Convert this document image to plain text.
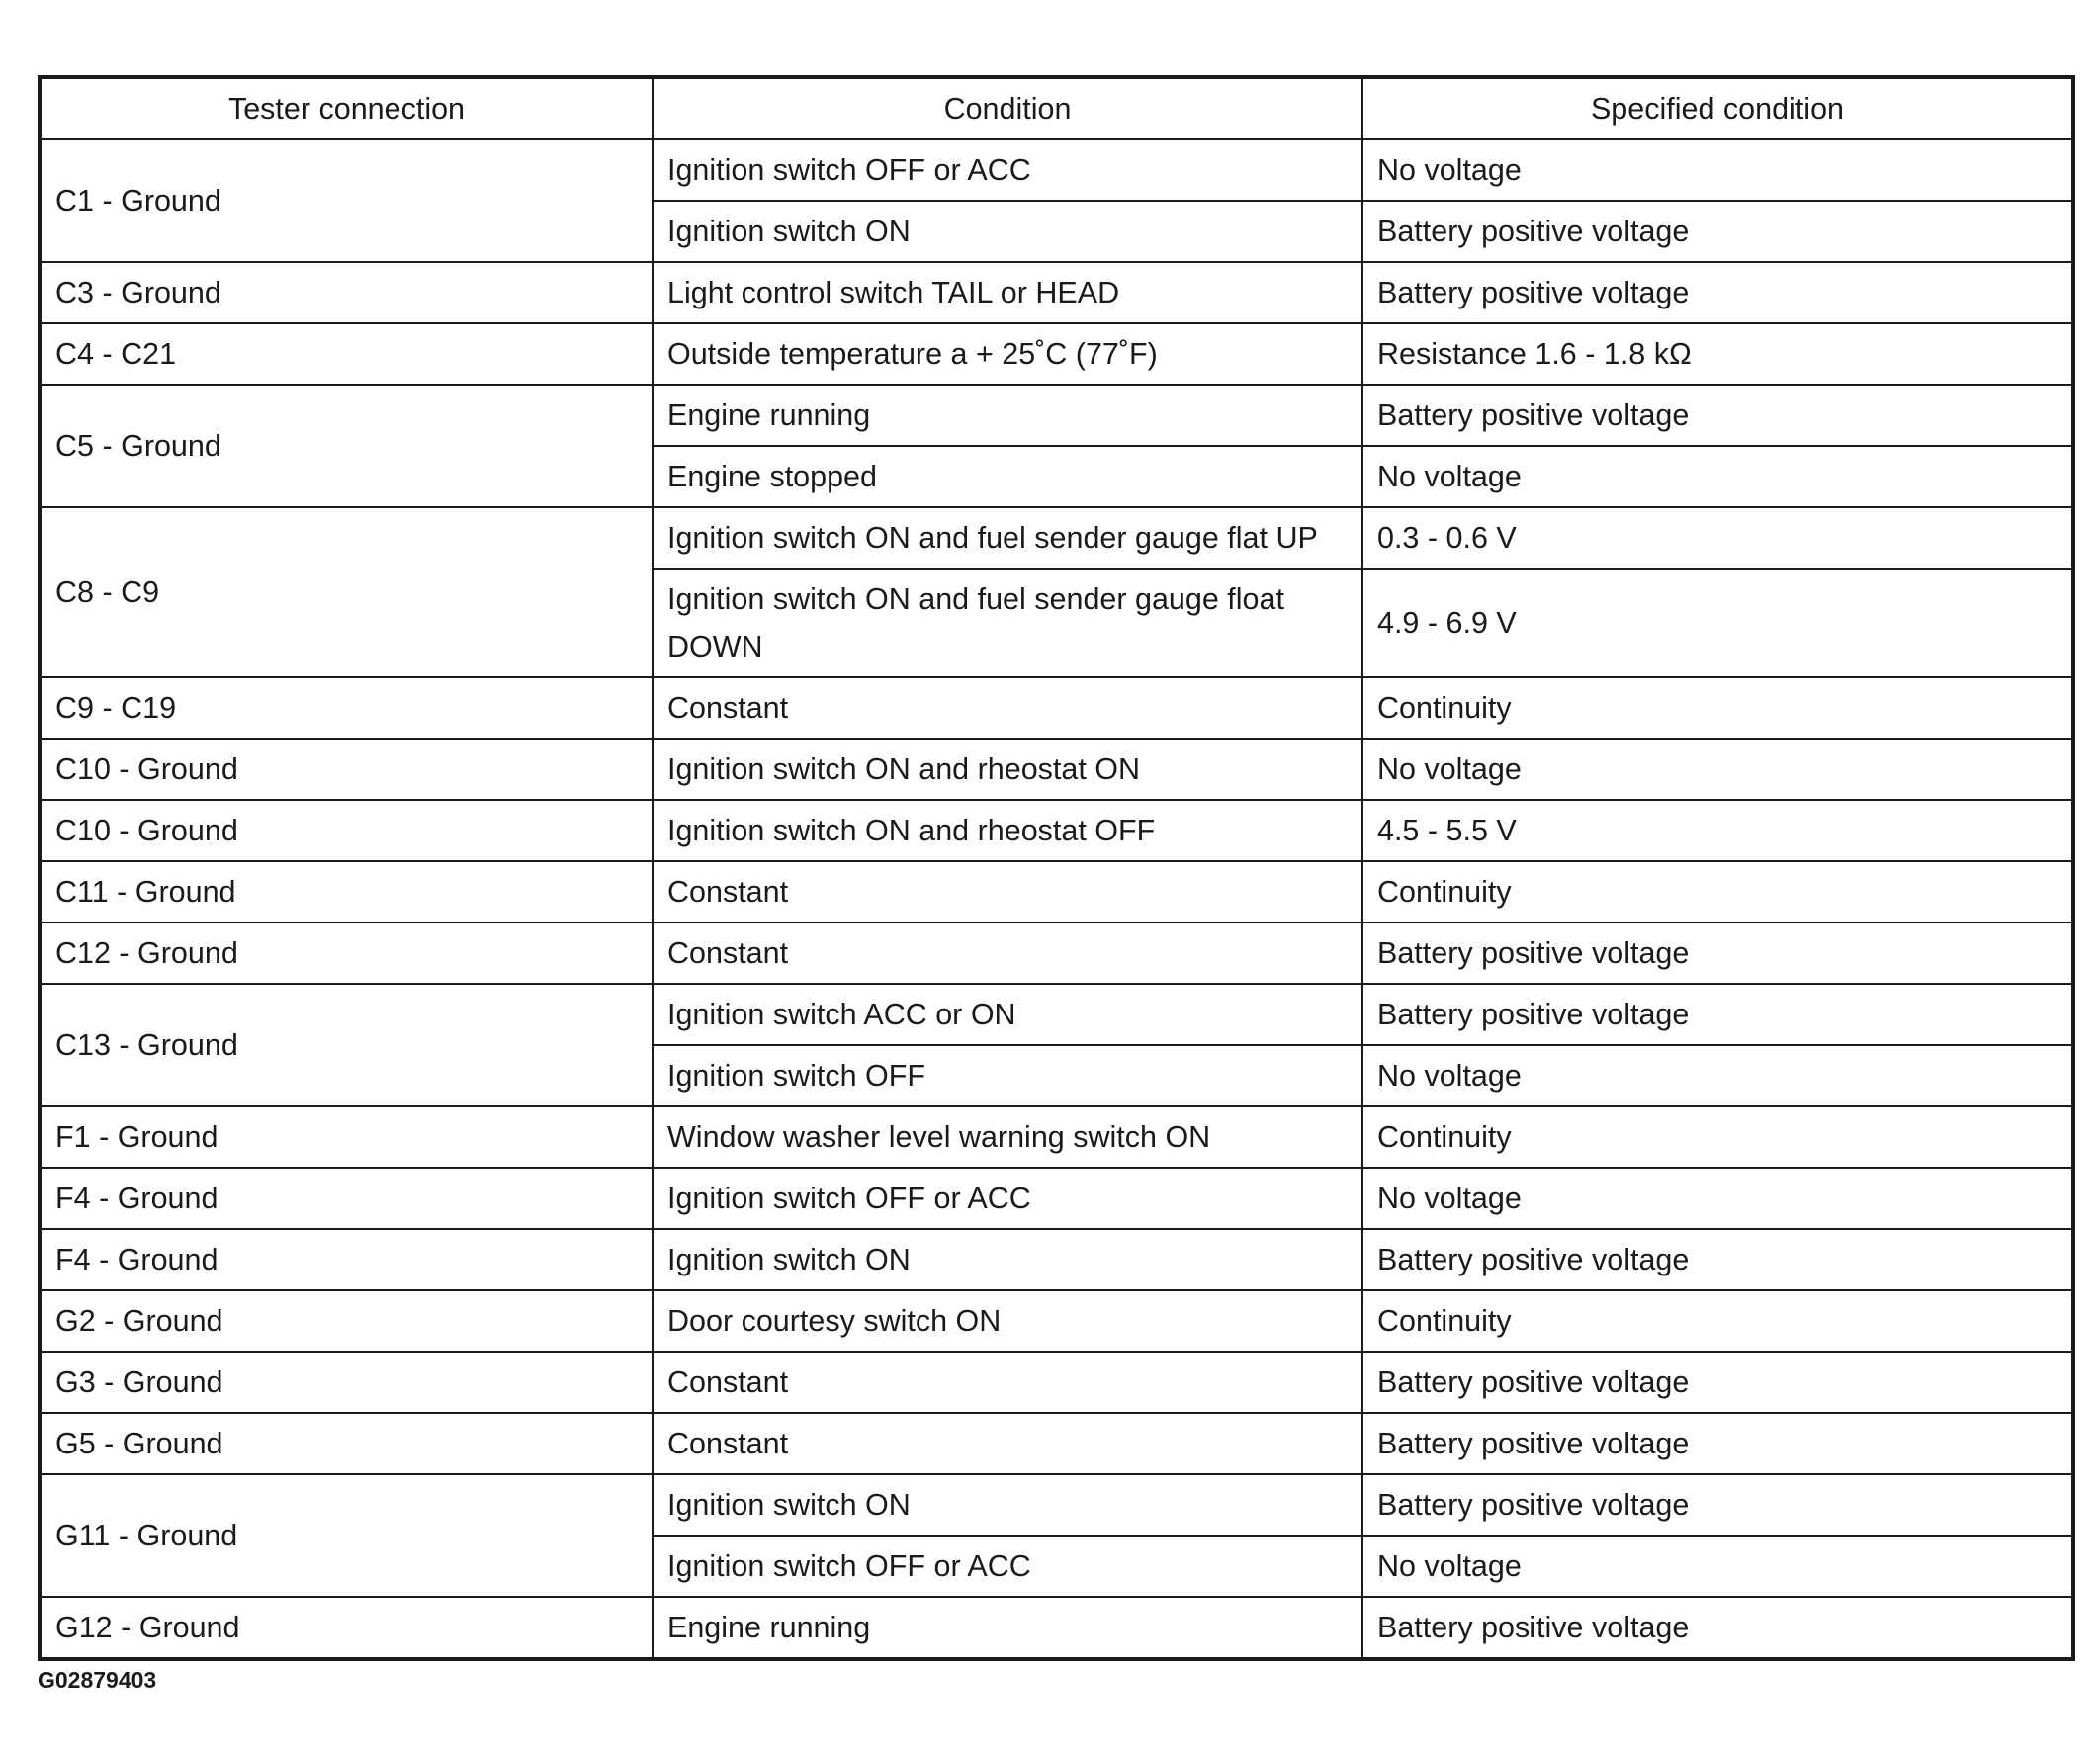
Tester connection	Condition	Specified condition
C1 - Ground	Ignition switch OFF or ACC	No voltage
	Ignition switch ON	Battery positive voltage
C3 - Ground	Light control switch TAIL or HEAD	Battery positive voltage
C4 - C21	Outside temperature a + 25˚C (77˚F)	Resistance 1.6 - 1.8 kΩ
C5 - Ground	Engine running	Battery positive voltage
	Engine stopped	No voltage
C8 - C9	Ignition switch ON and fuel sender gauge flat UP	0.3 - 0.6 V
	Ignition switch ON and fuel sender gauge float DOWN	4.9 - 6.9 V
C9 - C19	Constant	Continuity
C10 - Ground	Ignition switch ON and rheostat ON	No voltage
C10 - Ground	Ignition switch ON and rheostat OFF	4.5 - 5.5 V
C11 - Ground	Constant	Continuity
C12 - Ground	Constant	Battery positive voltage
C13 - Ground	Ignition switch ACC or ON	Battery positive voltage
	Ignition switch OFF	No voltage
F1 - Ground	Window washer level warning switch ON	Continuity
F4 - Ground	Ignition switch OFF or ACC	No voltage
F4 - Ground	Ignition switch ON	Battery positive voltage
G2 - Ground	Door courtesy switch ON	Continuity
G3 - Ground	Constant	Battery positive voltage
G5 - Ground	Constant	Battery positive voltage
G11 - Ground	Ignition switch ON	Battery positive voltage
	Ignition switch OFF or ACC	No voltage
G12 - Ground	Engine running	Battery positive voltage
G02879403
